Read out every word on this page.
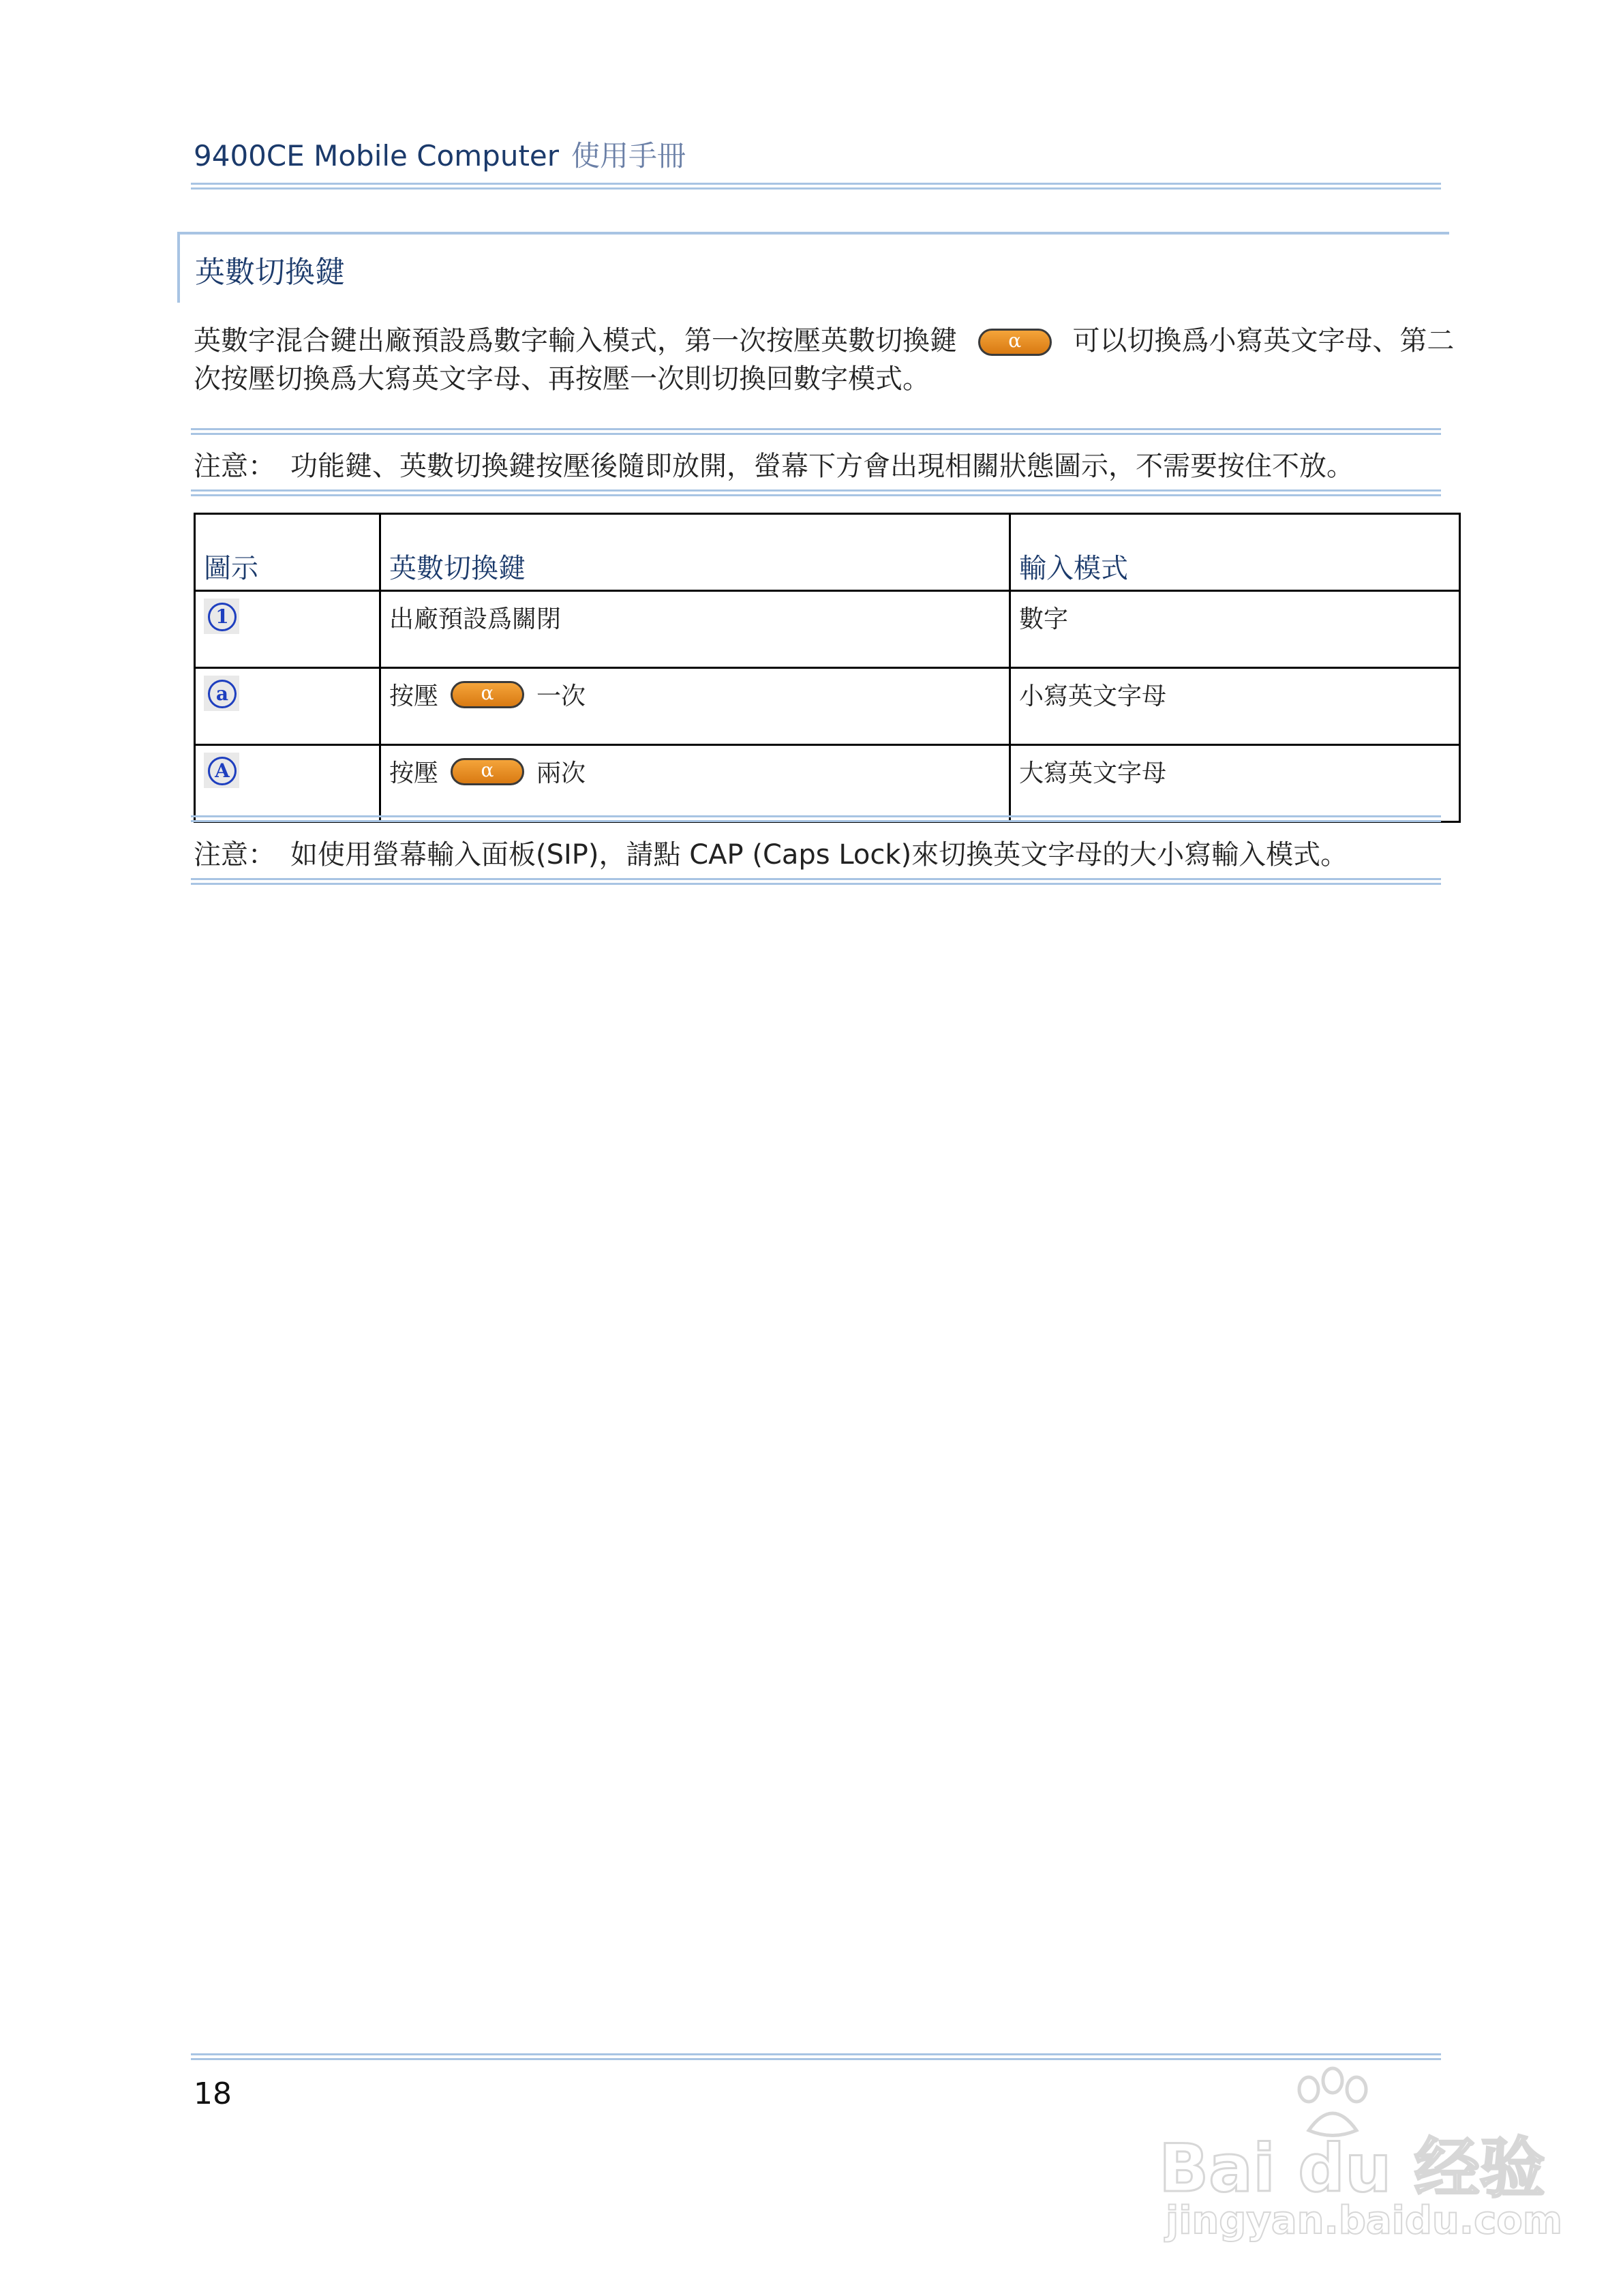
9400CE Mobile Computer 使用手冊
英數切換鍵
英數字混合鍵出廠預設爲數字輸入模式，第一次按壓英數切換鍵	α 可以切換爲小寫英文字母、第二
次按壓切換爲大寫英文字母、再按壓一次則切換回數字模式。
注意： 功能鍵、英數切換鍵按壓後隨即放開，螢幕下方會出現相關狀態圖示，不需要按住不放。
圖示	英數切換鍵	輸入模式

1	出廠預設爲關閉	數字

a	按壓 α 一次	小寫英文字母

A	按壓 α 兩次	大寫英文字母
注意： 如使用螢幕輸入面板(SIP)，請點 CAP (Caps Lock)來切換英文字母的大小寫輸入模式。
18
Bai du 经验
jingyan.baidu.com
